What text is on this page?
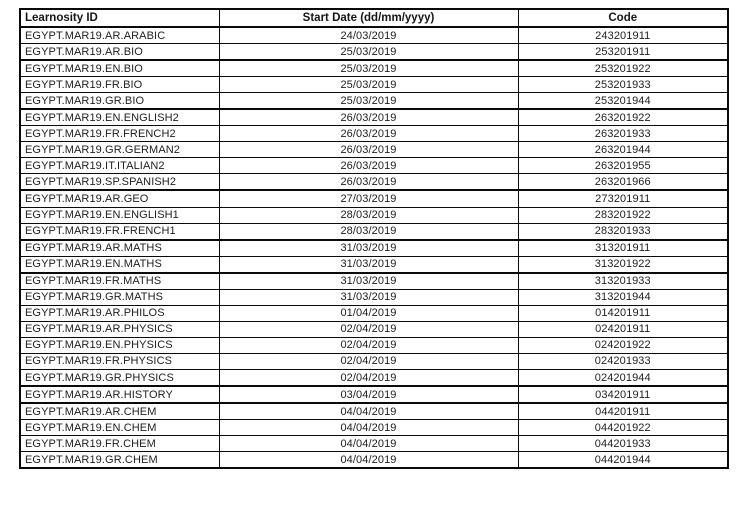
Learnosity ID	Start Date (dd/mm/yyyy)	Code
EGYPT.MAR19.AR.ARABIC	24/03/2019	243201911
EGYPT.MAR19.AR.BIO	25/03/2019	253201911
EGYPT.MAR19.EN.BIO	25/03/2019	253201922
EGYPT.MAR19.FR.BIO	25/03/2019	253201933
EGYPT.MAR19.GR.BIO	25/03/2019	253201944
EGYPT.MAR19.EN.ENGLISH2	26/03/2019	263201922
EGYPT.MAR19.FR.FRENCH2	26/03/2019	263201933
EGYPT.MAR19.GR.GERMAN2	26/03/2019	263201944
EGYPT.MAR19.IT.ITALIAN2	26/03/2019	263201955
EGYPT.MAR19.SP.SPANISH2	26/03/2019	263201966
EGYPT.MAR19.AR.GEO	27/03/2019	273201911
EGYPT.MAR19.EN.ENGLISH1	28/03/2019	283201922
EGYPT.MAR19.FR.FRENCH1	28/03/2019	283201933
EGYPT.MAR19.AR.MATHS	31/03/2019	313201911
EGYPT.MAR19.EN.MATHS	31/03/2019	313201922
EGYPT.MAR19.FR.MATHS	31/03/2019	313201933
EGYPT.MAR19.GR.MATHS	31/03/2019	313201944
EGYPT.MAR19.AR.PHILOS	01/04/2019	014201911
EGYPT.MAR19.AR.PHYSICS	02/04/2019	024201911
EGYPT.MAR19.EN.PHYSICS	02/04/2019	024201922
EGYPT.MAR19.FR.PHYSICS	02/04/2019	024201933
EGYPT.MAR19.GR.PHYSICS	02/04/2019	024201944
EGYPT.MAR19.AR.HISTORY	03/04/2019	034201911
EGYPT.MAR19.AR.CHEM	04/04/2019	044201911
EGYPT.MAR19.EN.CHEM	04/04/2019	044201922
EGYPT.MAR19.FR.CHEM	04/04/2019	044201933
EGYPT.MAR19.GR.CHEM	04/04/2019	044201944
